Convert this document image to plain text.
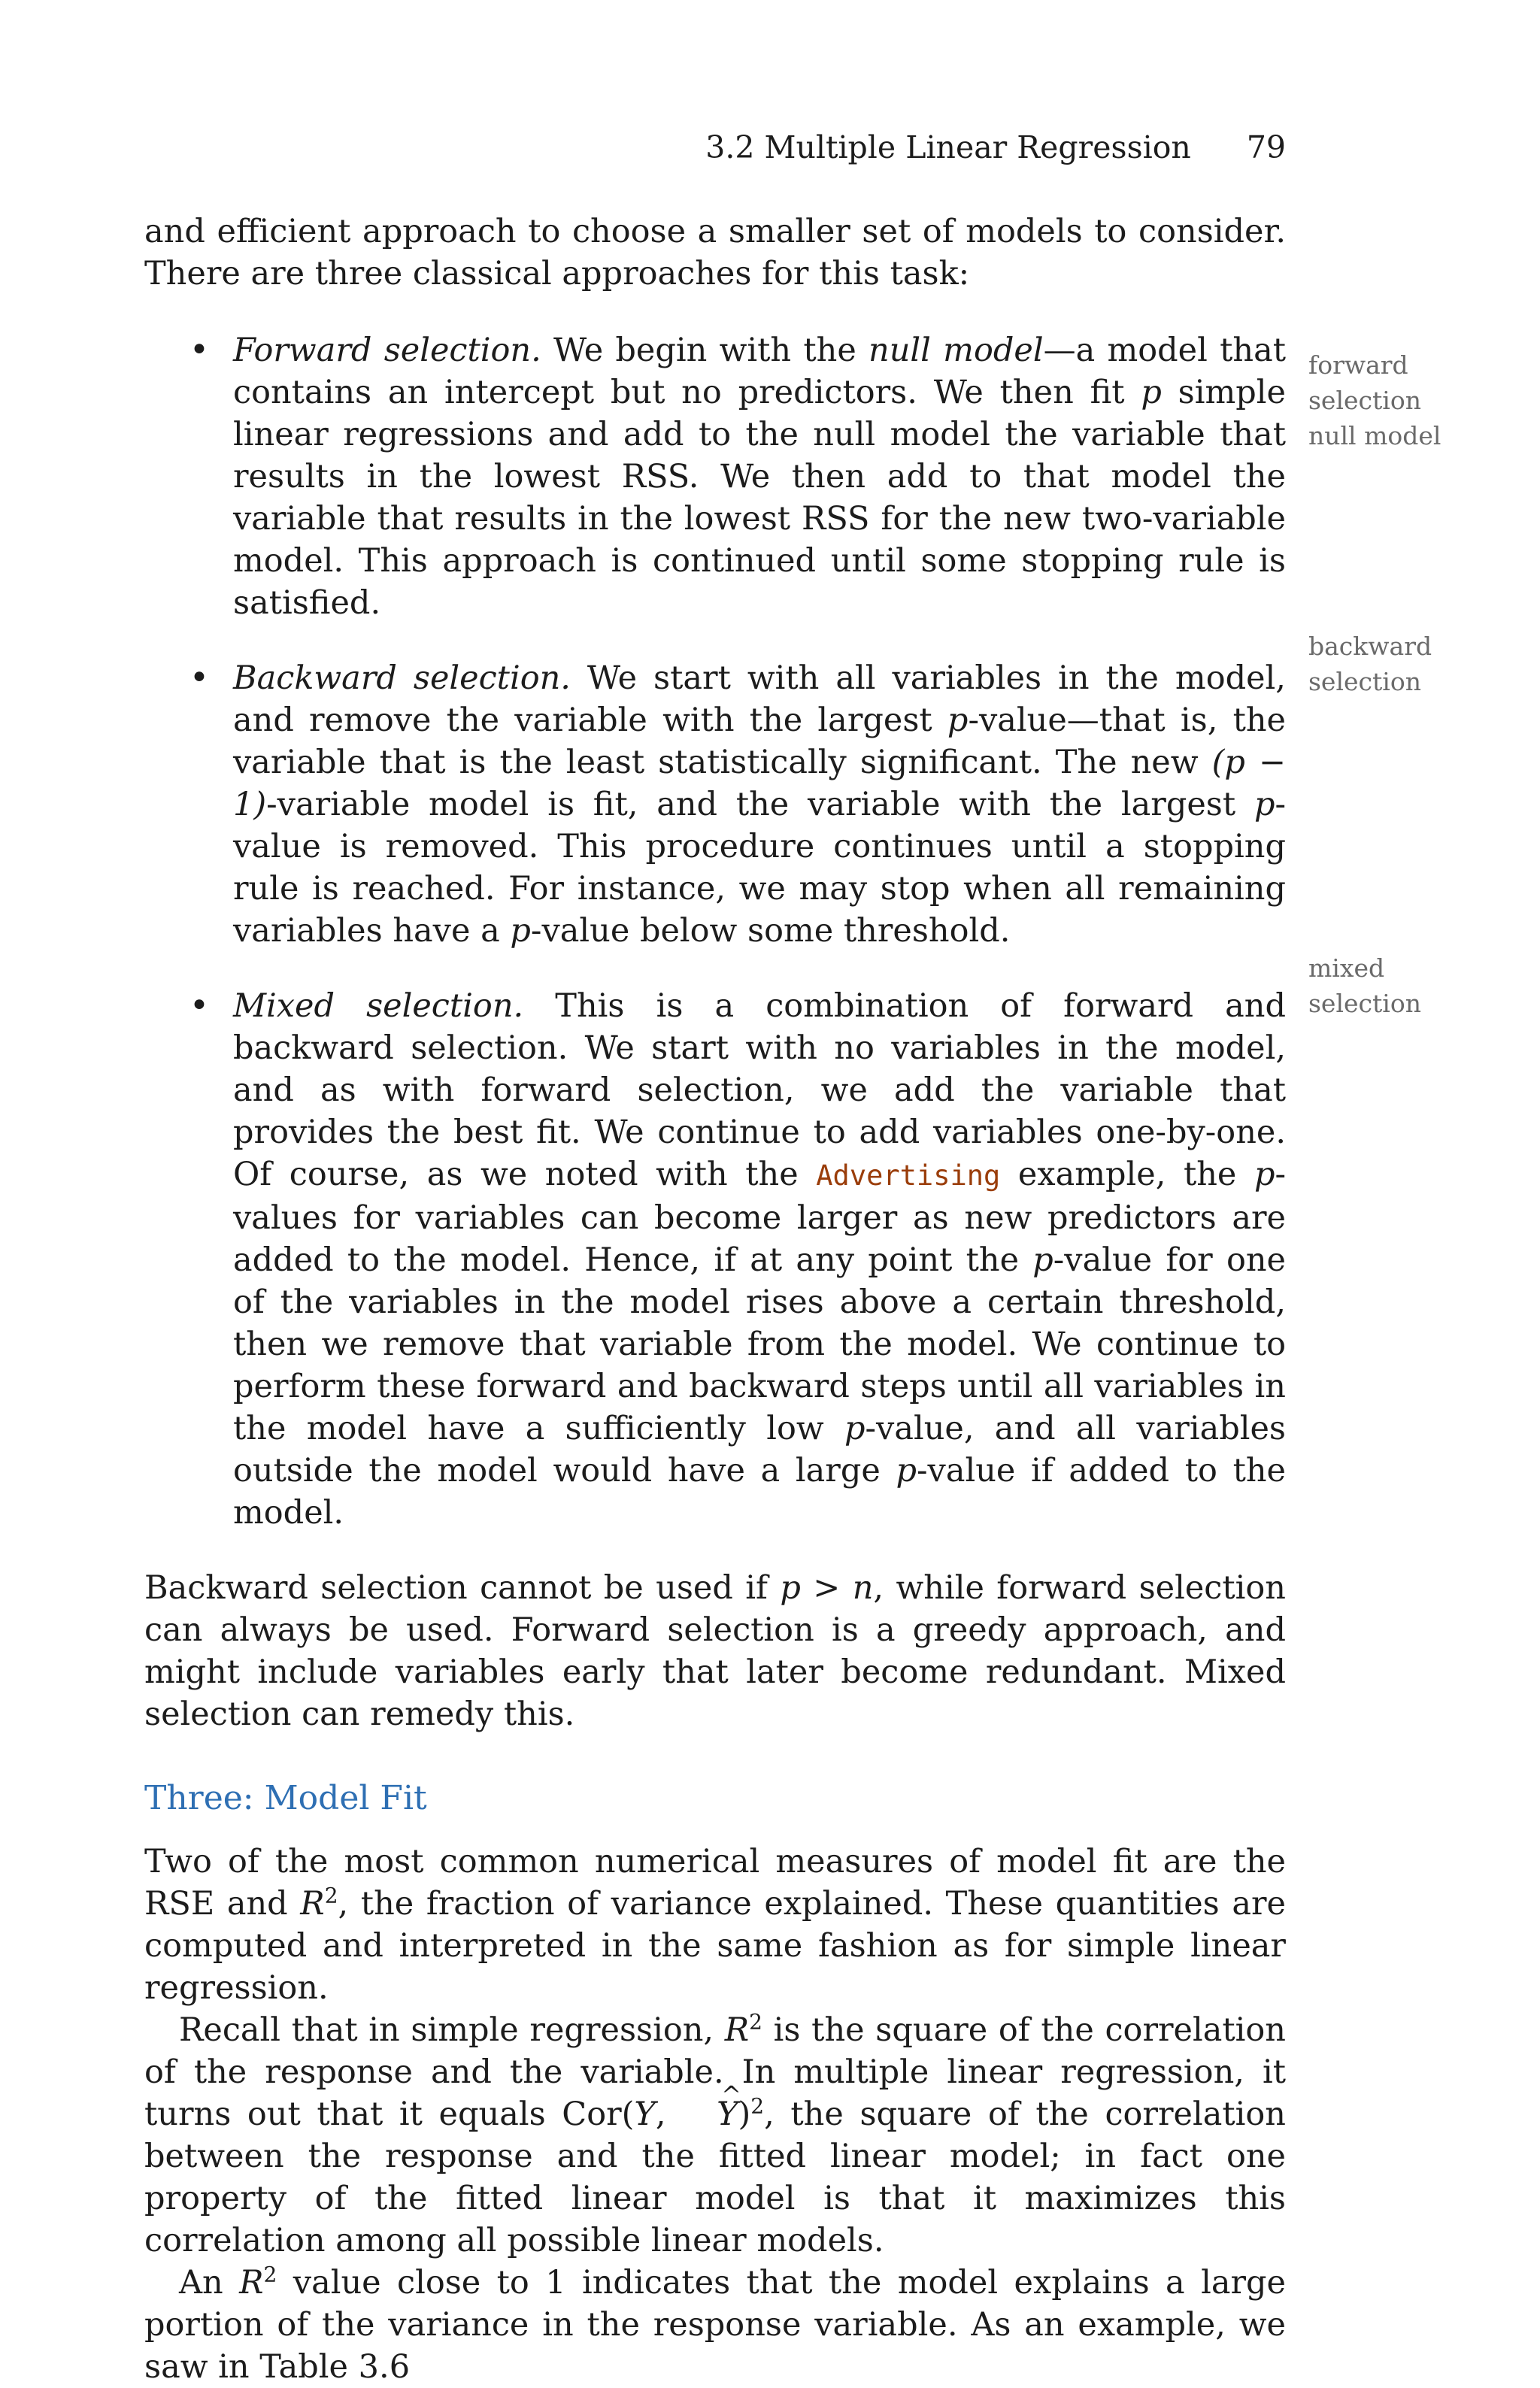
3.2 Multiple Linear Regression 79

and efficient approach to choose a smaller set of models to consider. There are three classical approaches for this task:

• Forward selection. We begin with the null model—a model that contains an intercept but no predictors. We then fit p simple linear regressions and add to the null model the variable that results in the lowest RSS. We then add to that model the variable that results in the lowest RSS for the new two-variable model. This approach is continued until some stopping rule is satisfied.
• Backward selection. We start with all variables in the model, and remove the variable with the largest p-value—that is, the variable that is the least statistically significant. The new (p − 1)-variable model is fit, and the variable with the largest p-value is removed. This procedure continues until a stopping rule is reached. For instance, we may stop when all remaining variables have a p-value below some threshold.
• Mixed selection. This is a combination of forward and backward selection. We start with no variables in the model, and as with forward selection, we add the variable that provides the best fit. We continue to add variables one-by-one. Of course, as we noted with the Advertising example, the p-values for variables can become larger as new predictors are added to the model. Hence, if at any point the p-value for one of the variables in the model rises above a certain threshold, then we remove that variable from the model. We continue to perform these forward and backward steps until all variables in the model have a sufficiently low p-value, and all variables outside the model would have a large p-value if added to the model.

Backward selection cannot be used if p > n, while forward selection can always be used. Forward selection is a greedy approach, and might include variables early that later become redundant. Mixed selection can remedy this.

Three: Model Fit

Two of the most common numerical measures of model fit are the RSE and $R^2$, the fraction of variance explained. These quantities are computed and interpreted in the same fashion as for simple linear regression.

Recall that in simple regression, $R^2$ is the square of the correlation of the response and the variable. In multiple linear regression, it turns out that it equals Cor(Y, ^ Y)$^2$, the square of the correlation between the response and the fitted linear model; in fact one property of the fitted linear model is that it maximizes this correlation among all possible linear models.

An $R^2$ value close to 1 indicates that the model explains a large portion of the variance in the response variable. As an example, we saw in Table 3.6

forward
selection
null model
backward
selection
mixed
selection
